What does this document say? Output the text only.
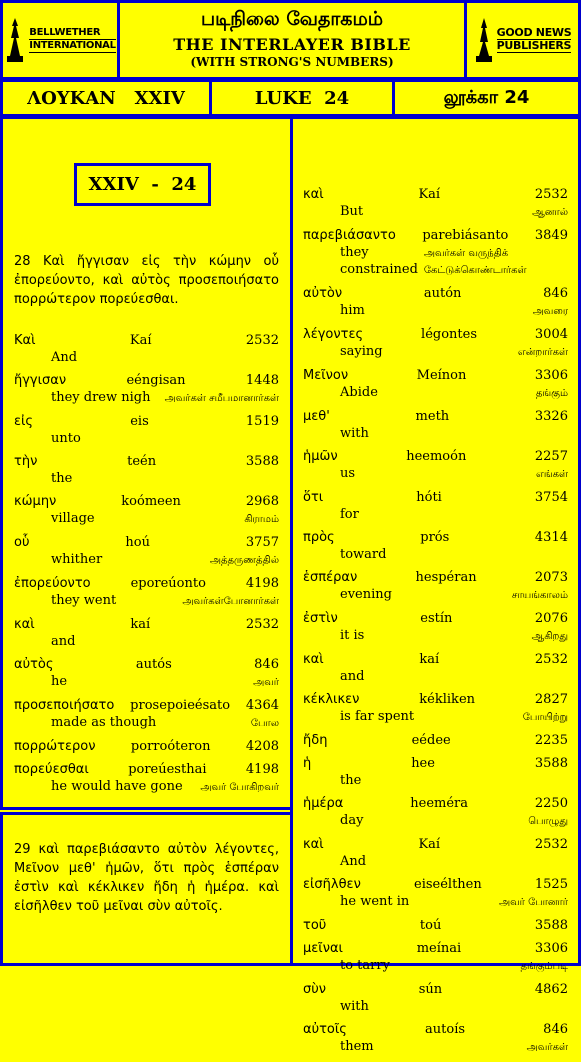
BELLWETHER
INTERNATIONAL
படிநிலை வேதாகமம்
THE INTERLAYER BIBLE
(WITH STRONG'S NUMBERS)
GOOD NEWS
PUBLISHERS
ΛΟΥΚΑΝ   XXIV	LUKE  24	லூக்கா 24
XXIV  -  24
28 Καὶ ἤγγισαν εἰς τὴν κώμην οὗ ἐπορεύοντο, καὶ αὐτὸς προσεποιήσατο πορρώτερον πορεύεσθαι.
Καὶ	Kaí	2532
And
ἤγγισαν	eéngisan	1448
they drew nigh அவர்கள் சமீபமானார்கள்
εἰς	eis	1519
unto
τὴν	teén	3588
the
κώμην	koómeen	2968
village	கிராமம்
οὗ	hoú	3757
whither	அத்தருணத்தில்
ἐπορεύοντο	eporeúonto	4198
they went	அவர்கள்போனார்கள்
καὶ	kaí	2532
and
αὐτὸς	autós	846
he	அவர்
προσεποιήσατο prosepoieésato 4364
made as though	போல
πορρώτερον	porroóteron	4208
πορεύεσθαι	poreúesthai	4198
he would have gone அவர் போகிறவர்
29 καὶ παρεβιάσαντο αὐτὸν λέγοντες, Μεῖνον μεθ' ἡμῶν, ὅτι πρὸς ἑσπέραν ἐστὶν καὶ κέκλικεν ἤδη ἡ ἡμέρα. καὶ εἰσῆλθεν τοῦ μεῖναι σὺν αὐτοῖς.
καὶ	Kaí	2532
But	ஆனால்
παρεβιάσαντο parebiásanto 3849
they constrained
அவர்கள் வருந்திக் கேட்டுக்கொண்டார்கள்
αὐτὸν	autón	846
him	அவரை
λέγοντες	légontes	3004
saying	என்றார்கள்
Μεῖνον	Meínon	3306
Abide	தங்கும்
μεθ'	meth	3326
with
ἡμῶν	heemoón	2257
us	எங்கள்
ὅτι	hóti	3754
for
πρὸς	prós	4314
toward
ἑσπέραν	hespéran	2073
evening	சாயங்காலம்
ἐστὶν	estín	2076
it is	ஆகிறது
καὶ	kaí	2532
and
κέκλικεν	kékliken	2827
is far spent	போயிற்று
ἤδη	eédee	2235
ἡ	hee	3588
the
ἡμέρα	heeméra	2250
day	பொழுது
καὶ	Kaí	2532
And
εἰσῆλθεν	eiseélthen	1525
he went in	அவர் போனார்
τοῦ	toú	3588
μεῖναι	meínai	3306
to tarry	தங்கும்படி
σὺν	sún	4862
with
αὐτοῖς	autoís	846
them	அவர்கள்
